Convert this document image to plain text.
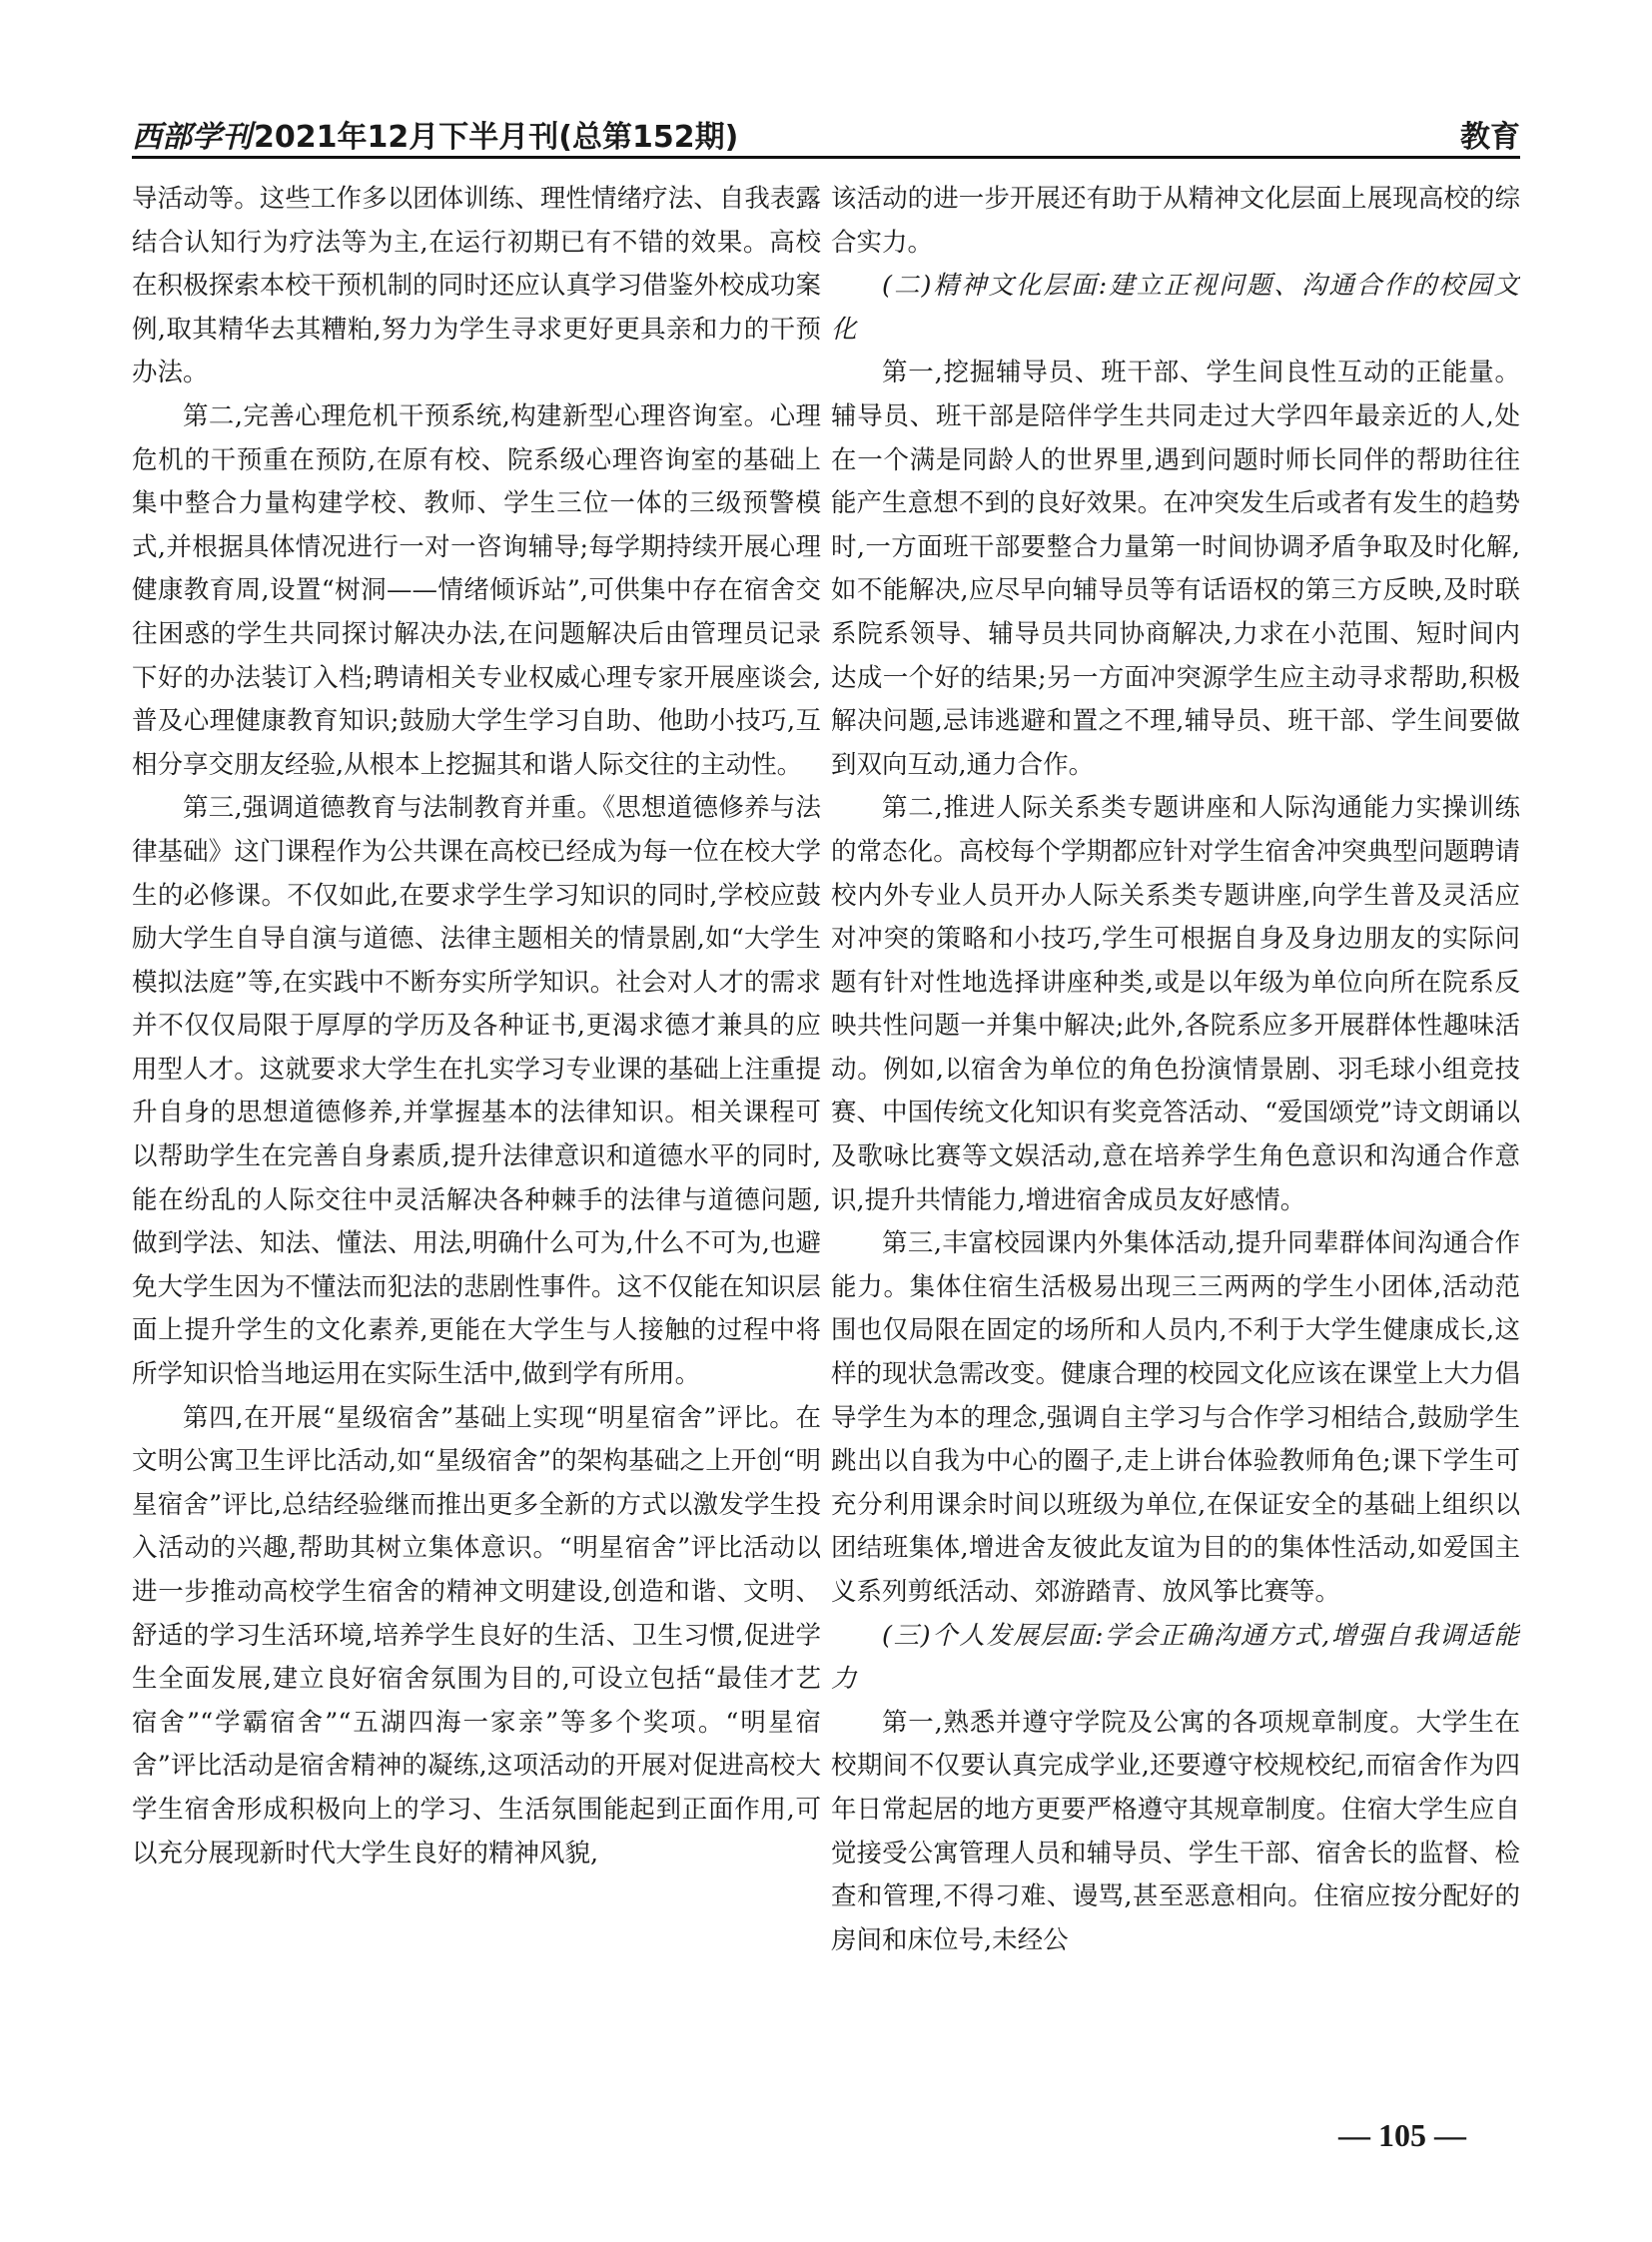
西部学刊2021年12月下半月刊(总第152期)	教育

导活动等。这些工作多以团体训练、理性情绪疗法、自我表露结合认知行为疗法等为主,在运行初期已有不错的效果。高校在积极探索本校干预机制的同时还应认真学习借鉴外校成功案例,取其精华去其糟粕,努力为学生寻求更好更具亲和力的干预办法。

第二,完善心理危机干预系统,构建新型心理咨询室。心理危机的干预重在预防,在原有校、院系级心理咨询室的基础上集中整合力量构建学校、教师、学生三位一体的三级预警模式,并根据具体情况进行一对一咨询辅导;每学期持续开展心理健康教育周,设置“树洞——情绪倾诉站”,可供集中存在宿舍交往困惑的学生共同探讨解决办法,在问题解决后由管理员记录下好的办法装订入档;聘请相关专业权威心理专家开展座谈会,普及心理健康教育知识;鼓励大学生学习自助、他助小技巧,互相分享交朋友经验,从根本上挖掘其和谐人际交往的主动性。

第三,强调道德教育与法制教育并重。《思想道德修养与法律基础》这门课程作为公共课在高校已经成为每一位在校大学生的必修课。不仅如此,在要求学生学习知识的同时,学校应鼓励大学生自导自演与道德、法律主题相关的情景剧,如“大学生模拟法庭”等,在实践中不断夯实所学知识。社会对人才的需求并不仅仅局限于厚厚的学历及各种证书,更渴求德才兼具的应用型人才。这就要求大学生在扎实学习专业课的基础上注重提升自身的思想道德修养,并掌握基本的法律知识。相关课程可以帮助学生在完善自身素质,提升法律意识和道德水平的同时,能在纷乱的人际交往中灵活解决各种棘手的法律与道德问题,做到学法、知法、懂法、用法,明确什么可为,什么不可为,也避免大学生因为不懂法而犯法的悲剧性事件。这不仅能在知识层面上提升学生的文化素养,更能在大学生与人接触的过程中将所学知识恰当地运用在实际生活中,做到学有所用。

第四,在开展“星级宿舍”基础上实现“明星宿舍”评比。在文明公寓卫生评比活动,如“星级宿舍”的架构基础之上开创“明星宿舍”评比,总结经验继而推出更多全新的方式以激发学生投入活动的兴趣,帮助其树立集体意识。“明星宿舍”评比活动以进一步推动高校学生宿舍的精神文明建设,创造和谐、文明、舒适的学习生活环境,培养学生良好的生活、卫生习惯,促进学生全面发展,建立良好宿舍氛围为目的,可设立包括“最佳才艺宿舍”“学霸宿舍”“五湖四海一家亲”等多个奖项。“明星宿舍”评比活动是宿舍精神的凝练,这项活动的开展对促进高校大学生宿舍形成积极向上的学习、生活氛围能起到正面作用,可以充分展现新时代大学生良好的精神风貌,

该活动的进一步开展还有助于从精神文化层面上展现高校的综合实力。

(二)精神文化层面:建立正视问题、沟通合作的校园文化

第一,挖掘辅导员、班干部、学生间良性互动的正能量。辅导员、班干部是陪伴学生共同走过大学四年最亲近的人,处在一个满是同龄人的世界里,遇到问题时师长同伴的帮助往往能产生意想不到的良好效果。在冲突发生后或者有发生的趋势时,一方面班干部要整合力量第一时间协调矛盾争取及时化解,如不能解决,应尽早向辅导员等有话语权的第三方反映,及时联系院系领导、辅导员共同协商解决,力求在小范围、短时间内达成一个好的结果;另一方面冲突源学生应主动寻求帮助,积极解决问题,忌讳逃避和置之不理,辅导员、班干部、学生间要做到双向互动,通力合作。

第二,推进人际关系类专题讲座和人际沟通能力实操训练的常态化。高校每个学期都应针对学生宿舍冲突典型问题聘请校内外专业人员开办人际关系类专题讲座,向学生普及灵活应对冲突的策略和小技巧,学生可根据自身及身边朋友的实际问题有针对性地选择讲座种类,或是以年级为单位向所在院系反映共性问题一并集中解决;此外,各院系应多开展群体性趣味活动。例如,以宿舍为单位的角色扮演情景剧、羽毛球小组竞技赛、中国传统文化知识有奖竞答活动、“爱国颂党”诗文朗诵以及歌咏比赛等文娱活动,意在培养学生角色意识和沟通合作意识,提升共情能力,增进宿舍成员友好感情。

第三,丰富校园课内外集体活动,提升同辈群体间沟通合作能力。集体住宿生活极易出现三三两两的学生小团体,活动范围也仅局限在固定的场所和人员内,不利于大学生健康成长,这样的现状急需改变。健康合理的校园文化应该在课堂上大力倡导学生为本的理念,强调自主学习与合作学习相结合,鼓励学生跳出以自我为中心的圈子,走上讲台体验教师角色;课下学生可充分利用课余时间以班级为单位,在保证安全的基础上组织以团结班集体,增进舍友彼此友谊为目的的集体性活动,如爱国主义系列剪纸活动、郊游踏青、放风筝比赛等。

(三)个人发展层面:学会正确沟通方式,增强自我调适能力

第一,熟悉并遵守学院及公寓的各项规章制度。大学生在校期间不仅要认真完成学业,还要遵守校规校纪,而宿舍作为四年日常起居的地方更要严格遵守其规章制度。住宿大学生应自觉接受公寓管理人员和辅导员、学生干部、宿舍长的监督、检查和管理,不得刁难、谩骂,甚至恶意相向。住宿应按分配好的房间和床位号,未经公

— 105 —
